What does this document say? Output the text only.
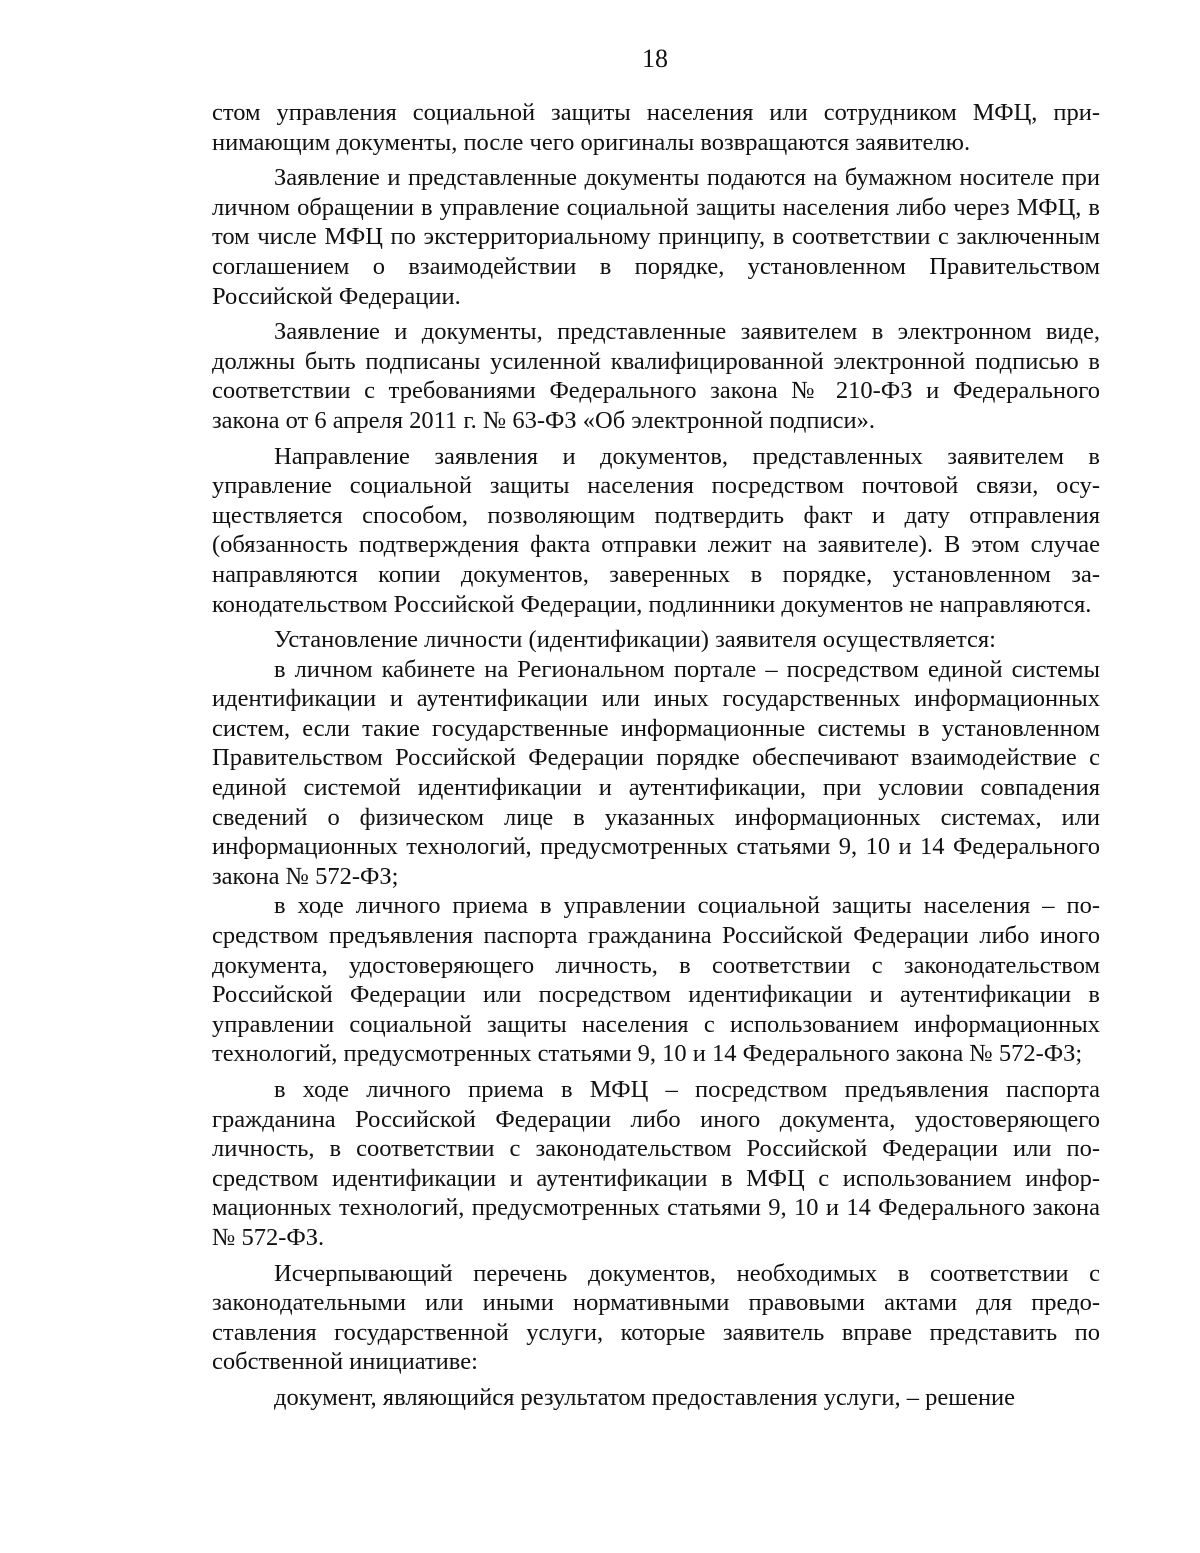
18

стом управления социальной защиты населения или сотрудником МФЦ, принимающим документы, после чего оригиналы возвращаются заявителю.

Заявление и представленные документы подаются на бумажном носителе при личном обращении в управление социальной защиты населения либо через МФЦ, в том числе МФЦ по экстерриториальному принципу, в соответствии с заключенным соглашением о взаимодействии в порядке, установленном Правительством Российской Федерации.

Заявление и документы, представленные заявителем в электронном виде, должны быть подписаны усиленной квалифицированной электронной подписью в соответствии с требованиями Федерального закона № 210-ФЗ и Федерального закона от 6 апреля 2011 г. № 63-ФЗ «Об электронной подписи».

Направление заявления и документов, представленных заявителем в управление социальной защиты населения посредством почтовой связи, осуществляется способом, позволяющим подтвердить факт и дату отправления (обязанность подтверждения факта отправки лежит на заявителе). В этом случае направляются копии документов, заверенных в порядке, установленном законодательством Российской Федерации, подлинники документов не направляются.

Установление личности (идентификации) заявителя осуществляется:

в личном кабинете на Региональном портале – посредством единой системы идентификации и аутентификации или иных государственных информационных систем, если такие государственные информационные системы в установленном Правительством Российской Федерации порядке обеспечивают взаимодействие с единой системой идентификации и аутентификации, при условии совпадения сведений о физическом лице в указанных информационных системах, или информационных технологий, предусмотренных статьями 9, 10 и 14 Федерального закона № 572-ФЗ;

в ходе личного приема в управлении социальной защиты населения – посредством предъявления паспорта гражданина Российской Федерации либо иного документа, удостоверяющего личность, в соответствии с законодательством Российской Федерации или посредством идентификации и аутентификации в управлении социальной защиты населения с использованием информационных технологий, предусмотренных статьями 9, 10 и 14 Федерального закона № 572-ФЗ;

в ходе личного приема в МФЦ – посредством предъявления паспорта гражданина Российской Федерации либо иного документа, удостоверяющего личность, в соответствии с законодательством Российской Федерации или посредством идентификации и аутентификации в МФЦ с использованием информационных технологий, предусмотренных статьями 9, 10 и 14 Федерального закона № 572-ФЗ.

Исчерпывающий перечень документов, необходимых в соответствии с законодательными или иными нормативными правовыми актами для предоставления государственной услуги, которые заявитель вправе представить по собственной инициативе:

документ, являющийся результатом предоставления услуги, – решение
